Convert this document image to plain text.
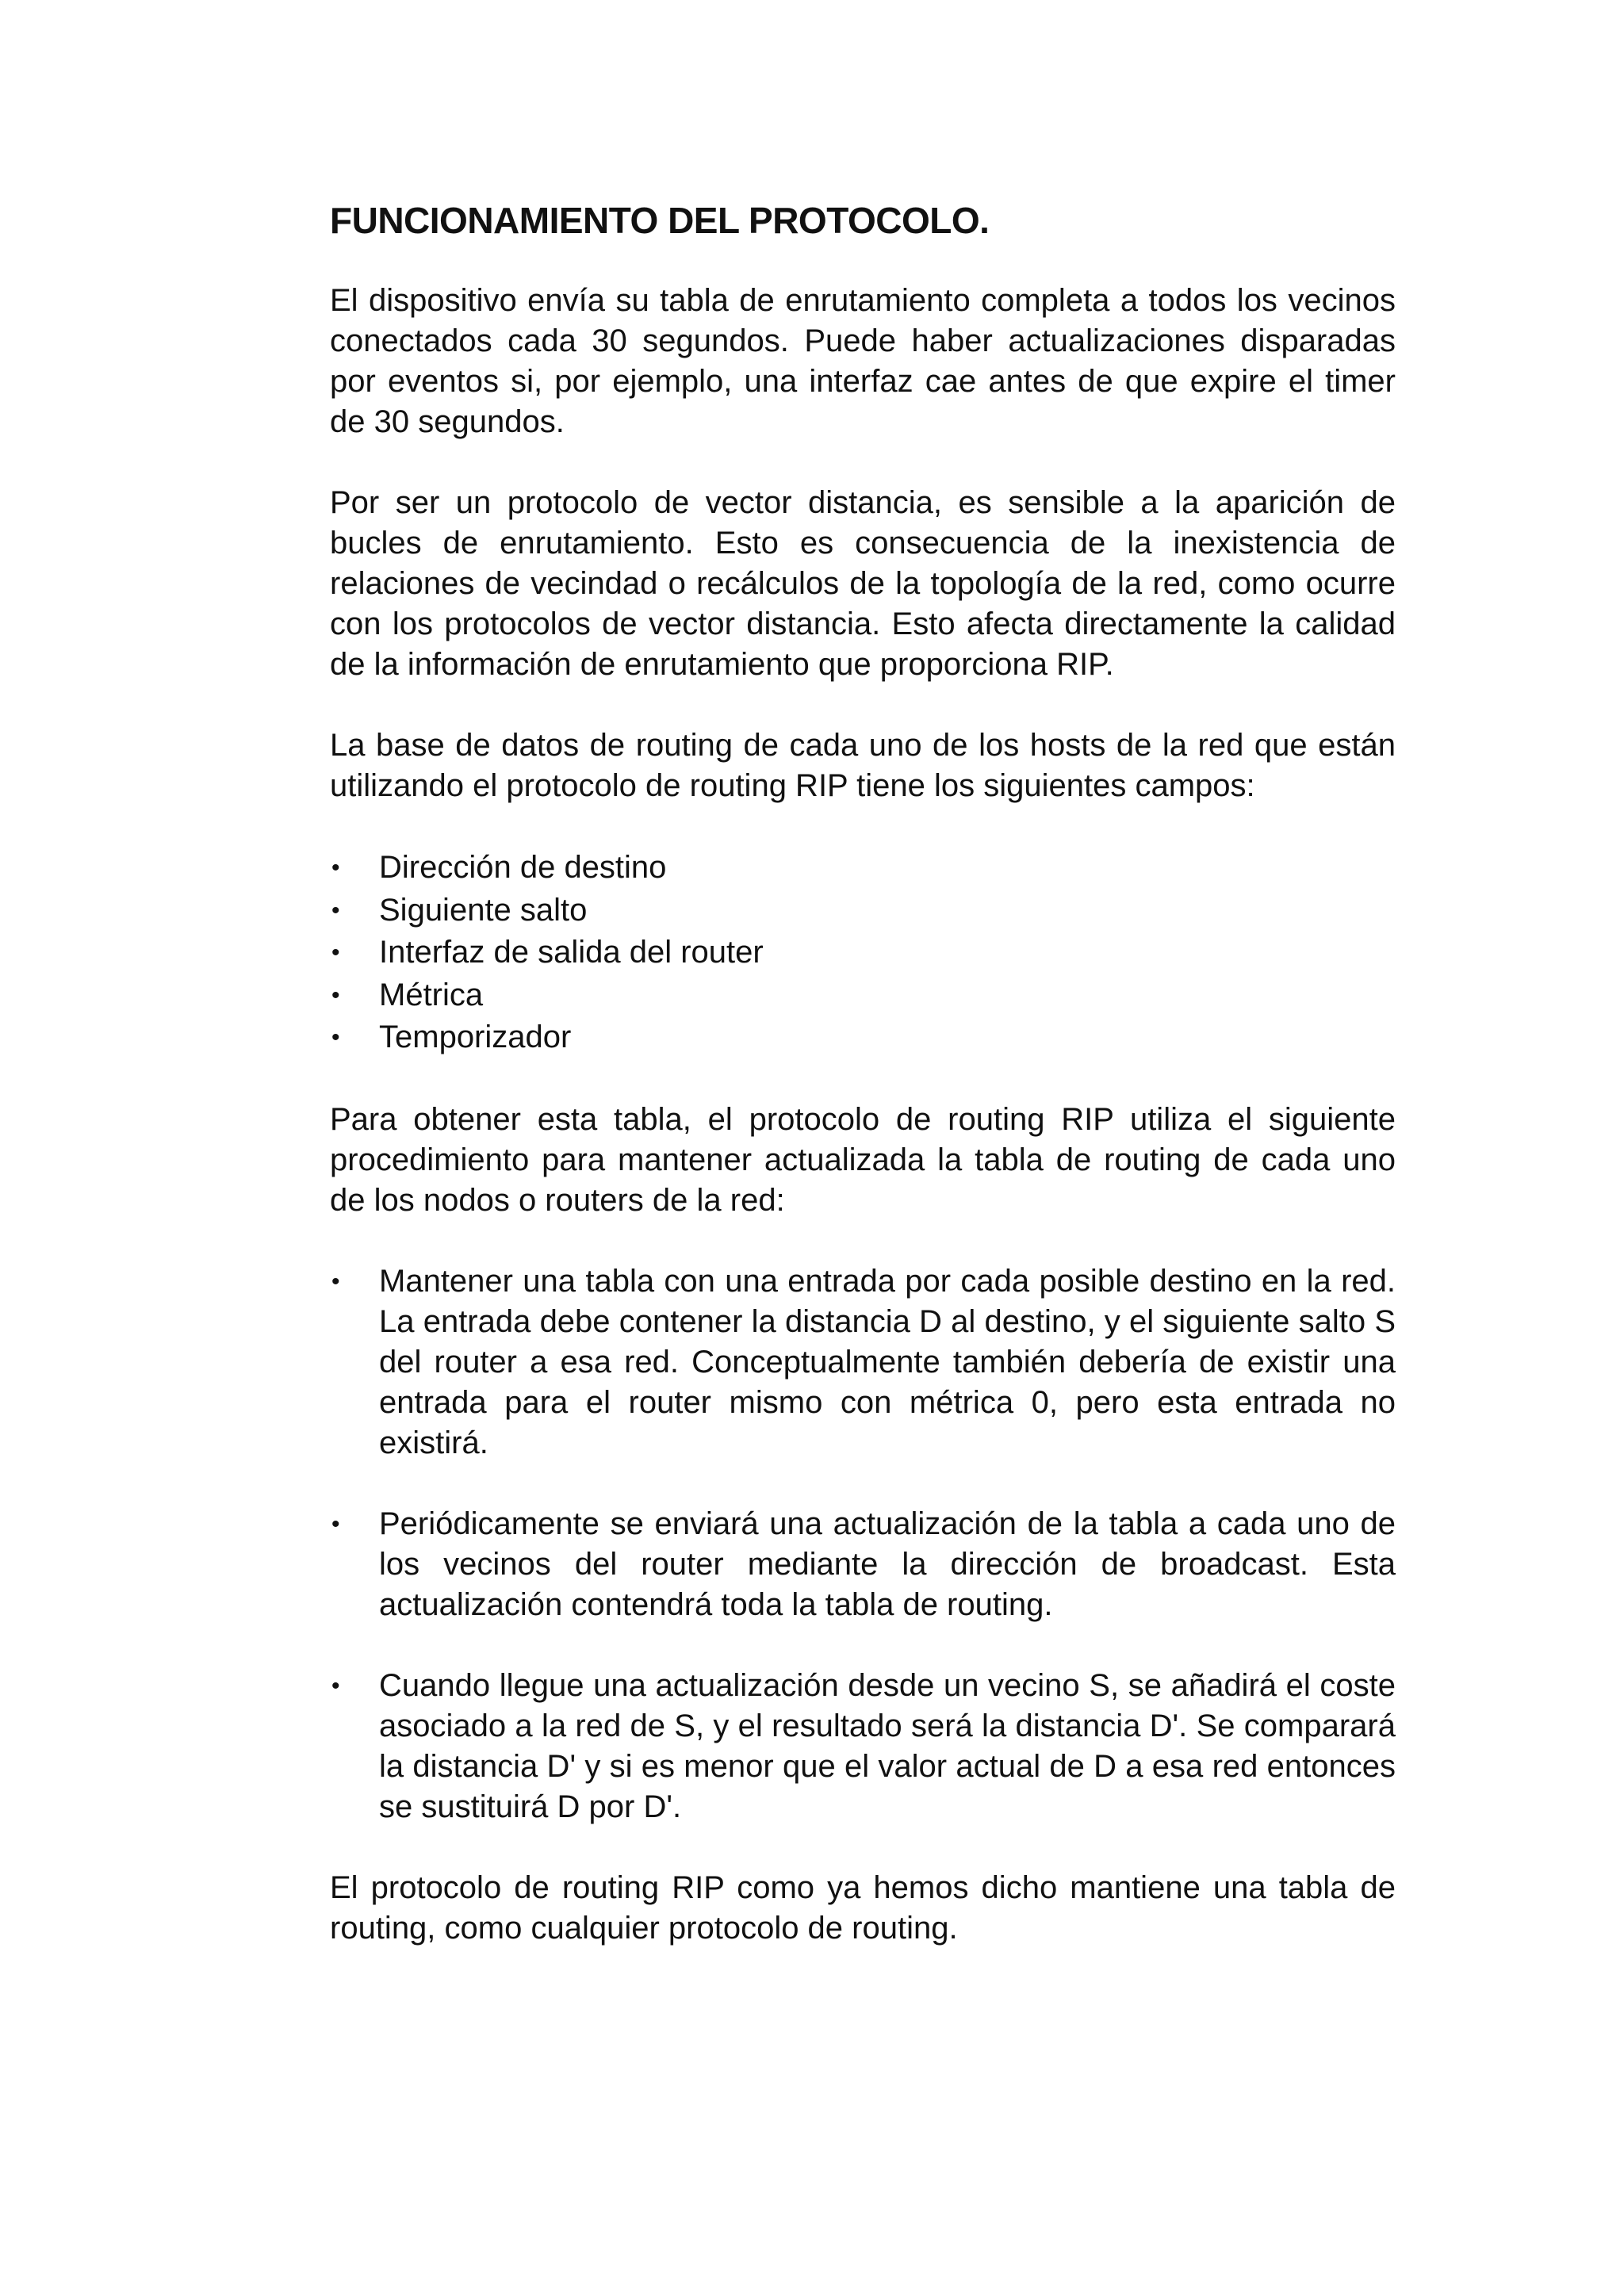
FUNCIONAMIENTO DEL PROTOCOLO.

El dispositivo envía su tabla de enrutamiento completa a todos los vecinos conectados cada 30 segundos. Puede haber actualizaciones disparadas por eventos si, por ejemplo, una interfaz cae antes de que expire el timer de 30 segundos.

Por ser un protocolo de vector distancia, es sensible a la aparición de bucles de enrutamiento. Esto es consecuencia de la inexistencia de relaciones de vecindad o recálculos de la topología de la red, como ocurre con los protocolos de vector distancia. Esto afecta directamente la calidad de la información de enrutamiento que proporciona RIP.

La base de datos de routing de cada uno de los hosts de la red que están utilizando el protocolo de routing RIP tiene los siguientes campos:

• Dirección de destino
• Siguiente salto
• Interfaz de salida del router
• Métrica
• Temporizador

Para obtener esta tabla, el protocolo de routing RIP utiliza el siguiente procedimiento para mantener actualizada la tabla de routing de cada uno de los nodos o routers de la red:

• Mantener una tabla con una entrada por cada posible destino en la red. La entrada debe contener la distancia D al destino, y el siguiente salto S del router a esa red. Conceptualmente también debería de existir una entrada para el router mismo con métrica 0, pero esta entrada no existirá.
• Periódicamente se enviará una actualización de la tabla a cada uno de los vecinos del router mediante la dirección de broadcast. Esta actualización contendrá toda la tabla de routing.
• Cuando llegue una actualización desde un vecino S, se añadirá el coste asociado a la red de S, y el resultado será la distancia D'. Se comparará la distancia D' y si es menor que el valor actual de D a esa red entonces se sustituirá D por D'.

El protocolo de routing RIP como ya hemos dicho mantiene una tabla de routing, como cualquier protocolo de routing.
